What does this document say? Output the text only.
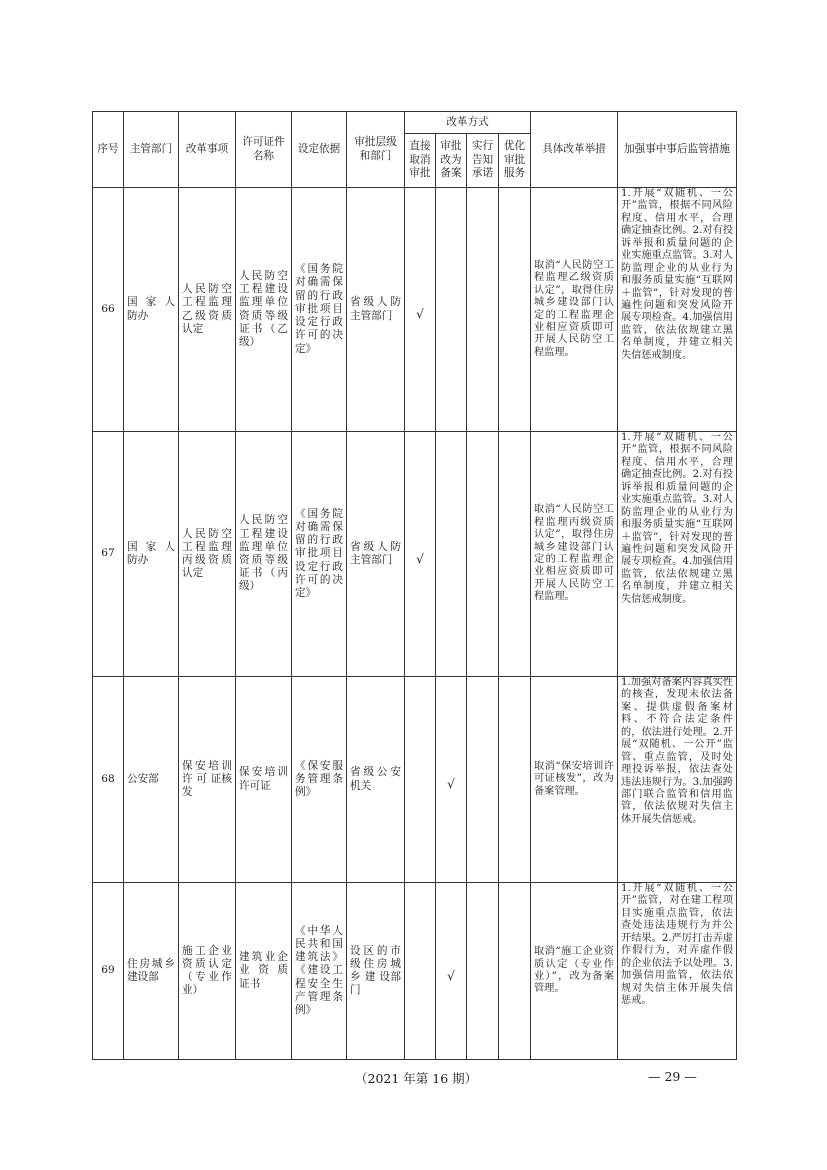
序号	主管部门	改革事项	许可证件名称	设定依据	审批层级和部门	改革方式				具体改革举措	加强事中事后监管措施
						直接取消审批	审批改为备案	实行告知承诺	优化审批服务		
66	国 家 人防办	人民防空工程监理乙级资质认定	人民防空工程建设监理单位资质等级证书（乙级）	《国务院对确需保留的行政审批项目设定行政许可的决定》	省级人防主管部门	√				取消“人民防空工程监理乙级资质认定”，取得住房城乡建设部门认定的工程监理企业相应资质即可开展人民防空工程监理。	1.开展“双随机、一公开”监管，根据不同风险程度、信用水平，合理确定抽查比例。2.对有投诉举报和质量问题的企业实施重点监管。3.对人防监理企业的从业行为和服务质量实施“互联网＋监管”，针对发现的普遍性问题和突发风险开展专项检查。4.加强信用监管，依法依规建立黑名单制度，并建立相关失信惩戒制度。
67	国 家 人防办	人民防空工程监理丙级资质认定	人民防空工程建设监理单位资质等级证书（丙级）	《国务院对确需保留的行政审批项目设定行政许可的决定》	省级人防主管部门	√				取消“人民防空工程监理丙级资质认定”，取得住房城乡建设部门认定的工程监理企业相应资质即可开展人民防空工程监理。	1.开展“双随机、一公开”监管，根据不同风险程度、信用水平，合理确定抽查比例。2.对有投诉举报和质量问题的企业实施重点监管。3.对人防监理企业的从业行为和服务质量实施“互联网＋监管”，针对发现的普遍性问题和突发风险开展专项检查。4.加强信用监管，依法依规建立黑名单制度，并建立相关失信惩戒制度。
68	公安部	保安培训许 可 证核发	保安培训许可证	《保安服务管理条例》	省级公安机关		√			取消“保安培训许可证核发”，改为备案管理。	1.加强对备案内容真实性的核查，发现未依法备案、提供虚假备案材料、不符合法定条件的，依法进行处理。2.开展“双随机、一公开”监管、重点监管，及时处理投诉举报，依法查处违法违规行为。3.加强跨部门联合监管和信用监管，依法依规对失信主体开展失信惩戒。
69	住房城乡建设部	施工企业资质认定（专业作业）	建筑业企业 资 质证书	《中华人民共和国建筑法》《建设工程安全生产管理条例》	设区的市级住房城乡 建 设部门		√			取消“施工企业资质认定（专业作业）”，改为备案管理。	1.开展“双随机、一公开”监管，对在建工程项目实施重点监管，依法查处违法违规行为并公开结果。2.严厉打击弄虚作假行为，对弄虚作假的企业依法予以处理。3.加强信用监管，依法依规对失信主体开展失信惩戒。
（2021 年第 16 期）	— 29 —
